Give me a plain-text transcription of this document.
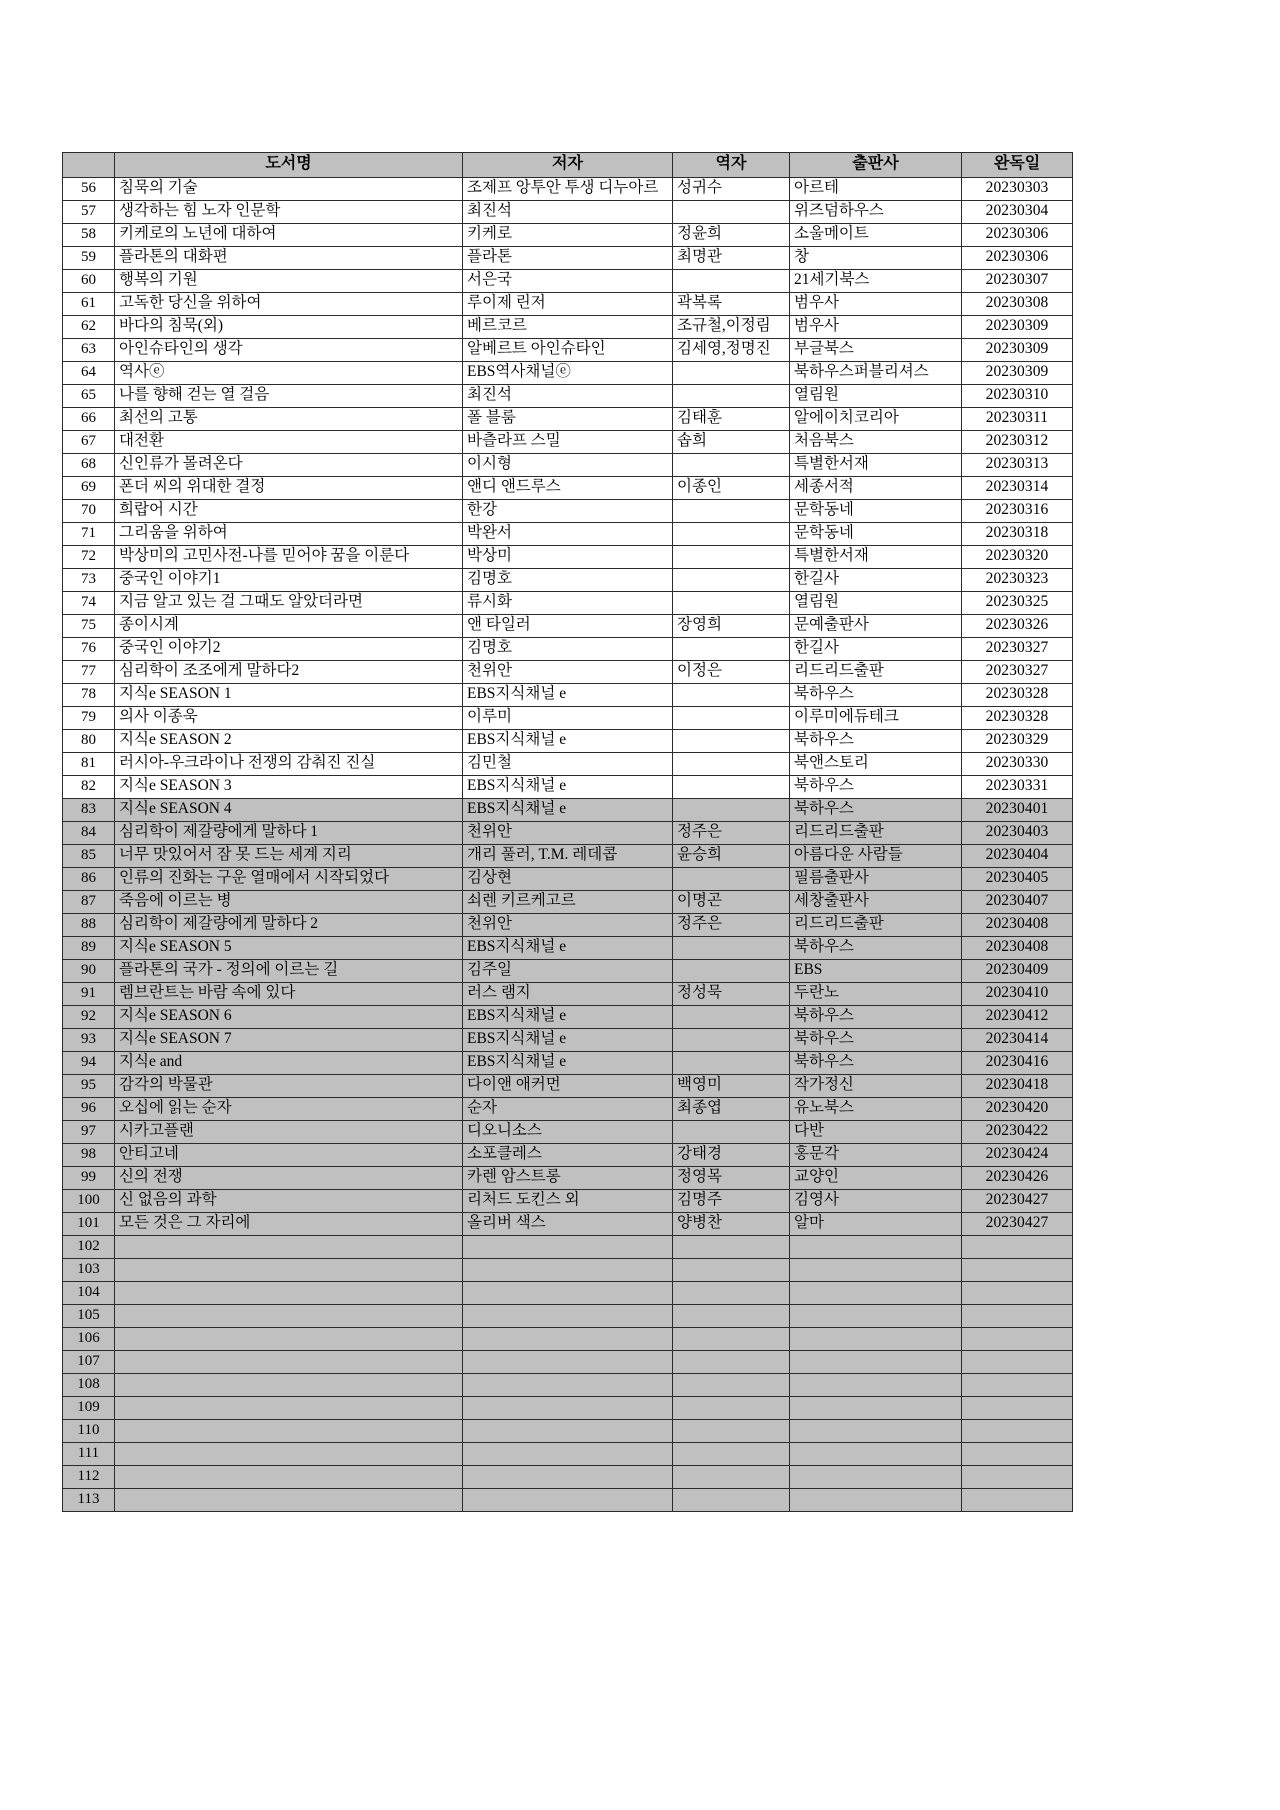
	도서명	저자	역자	출판사	완독일
56	침묵의 기술	조제프 앙투안 투생 디누아르	성귀수	아르테	20230303
57	생각하는 힘 노자 인문학	최진석		위즈덤하우스	20230304
58	키케로의 노년에 대하여	키케로	정윤희	소울메이트	20230306
59	플라톤의 대화편	플라톤	최명관	창	20230306
60	행복의 기원	서은국		21세기북스	20230307
61	고독한 당신을 위하여	루이제 린저	곽복록	범우사	20230308
62	바다의 침묵(외)	베르코르	조규철,이정림	범우사	20230309
63	아인슈타인의 생각	알베르트 아인슈타인	김세영,정명진	부글북스	20230309
64	역사ⓔ	EBS역사채널ⓔ		북하우스퍼블리셔스	20230309
65	나를 향해 걷는 열 걸음	최진석		열림원	20230310
66	최선의 고통	폴 블룸	김태훈	알에이치코리아	20230311
67	대전환	바츨라프 스밀	솝희	처음북스	20230312
68	신인류가 몰려온다	이시형		특별한서재	20230313
69	폰더 씨의 위대한 결정	앤디 앤드루스	이종인	세종서적	20230314
70	희랍어 시간	한강		문학동네	20230316
71	그리움을 위하여	박완서		문학동네	20230318
72	박상미의 고민사전-나를 믿어야 꿈을 이룬다	박상미		특별한서재	20230320
73	중국인 이야기1	김명호		한길사	20230323
74	지금 알고 있는 걸 그때도 알았더라면	류시화		열림원	20230325
75	종이시계	앤 타일러	장영희	문예출판사	20230326
76	중국인 이야기2	김명호		한길사	20230327
77	심리학이 조조에게 말하다2	천위안	이정은	리드리드출판	20230327
78	지식e SEASON 1	EBS지식채널 e		북하우스	20230328
79	의사 이종욱	이루미		이루미에듀테크	20230328
80	지식e SEASON 2	EBS지식채널 e		북하우스	20230329
81	러시아-우크라이나 전쟁의 감춰진 진실	김민철		북앤스토리	20230330
82	지식e SEASON 3	EBS지식채널 e		북하우스	20230331
83	지식e SEASON 4	EBS지식채널 e		북하우스	20230401
84	심리학이 제갈량에게 말하다 1	천위안	정주은	리드리드출판	20230403
85	너무 맛있어서 잠 못 드는 세계 지리	개리 풀러, T.M. 레데콥	윤승희	아름다운 사람들	20230404
86	인류의 진화는 구운 열매에서 시작되었다	김상현		필름출판사	20230405
87	죽음에 이르는 병	쇠렌 키르케고르	이명곤	세창출판사	20230407
88	심리학이 제갈량에게 말하다 2	천위안	정주은	리드리드출판	20230408
89	지식e SEASON 5	EBS지식채널 e		북하우스	20230408
90	플라톤의 국가 - 정의에 이르는 길	김주일		EBS	20230409
91	렘브란트는 바람 속에 있다	러스 램지	정성묵	두란노	20230410
92	지식e SEASON 6	EBS지식채널 e		북하우스	20230412
93	지식e SEASON 7	EBS지식채널 e		북하우스	20230414
94	지식e and	EBS지식채널 e		북하우스	20230416
95	감각의 박물관	다이앤 애커먼	백영미	작가정신	20230418
96	오십에 읽는 순자	순자	최종엽	유노북스	20230420
97	시카고플랜	디오니소스		다반	20230422
98	안티고네	소포클레스	강태경	홍문각	20230424
99	신의 전쟁	카렌 암스트롱	정영목	교양인	20230426
100	신 없음의 과학	리처드 도킨스 외	김명주	김영사	20230427
101	모든 것은 그 자리에	올리버 색스	양병찬	알마	20230427
102					
103					
104					
105					
106					
107					
108					
109					
110					
111					
112					
113					
